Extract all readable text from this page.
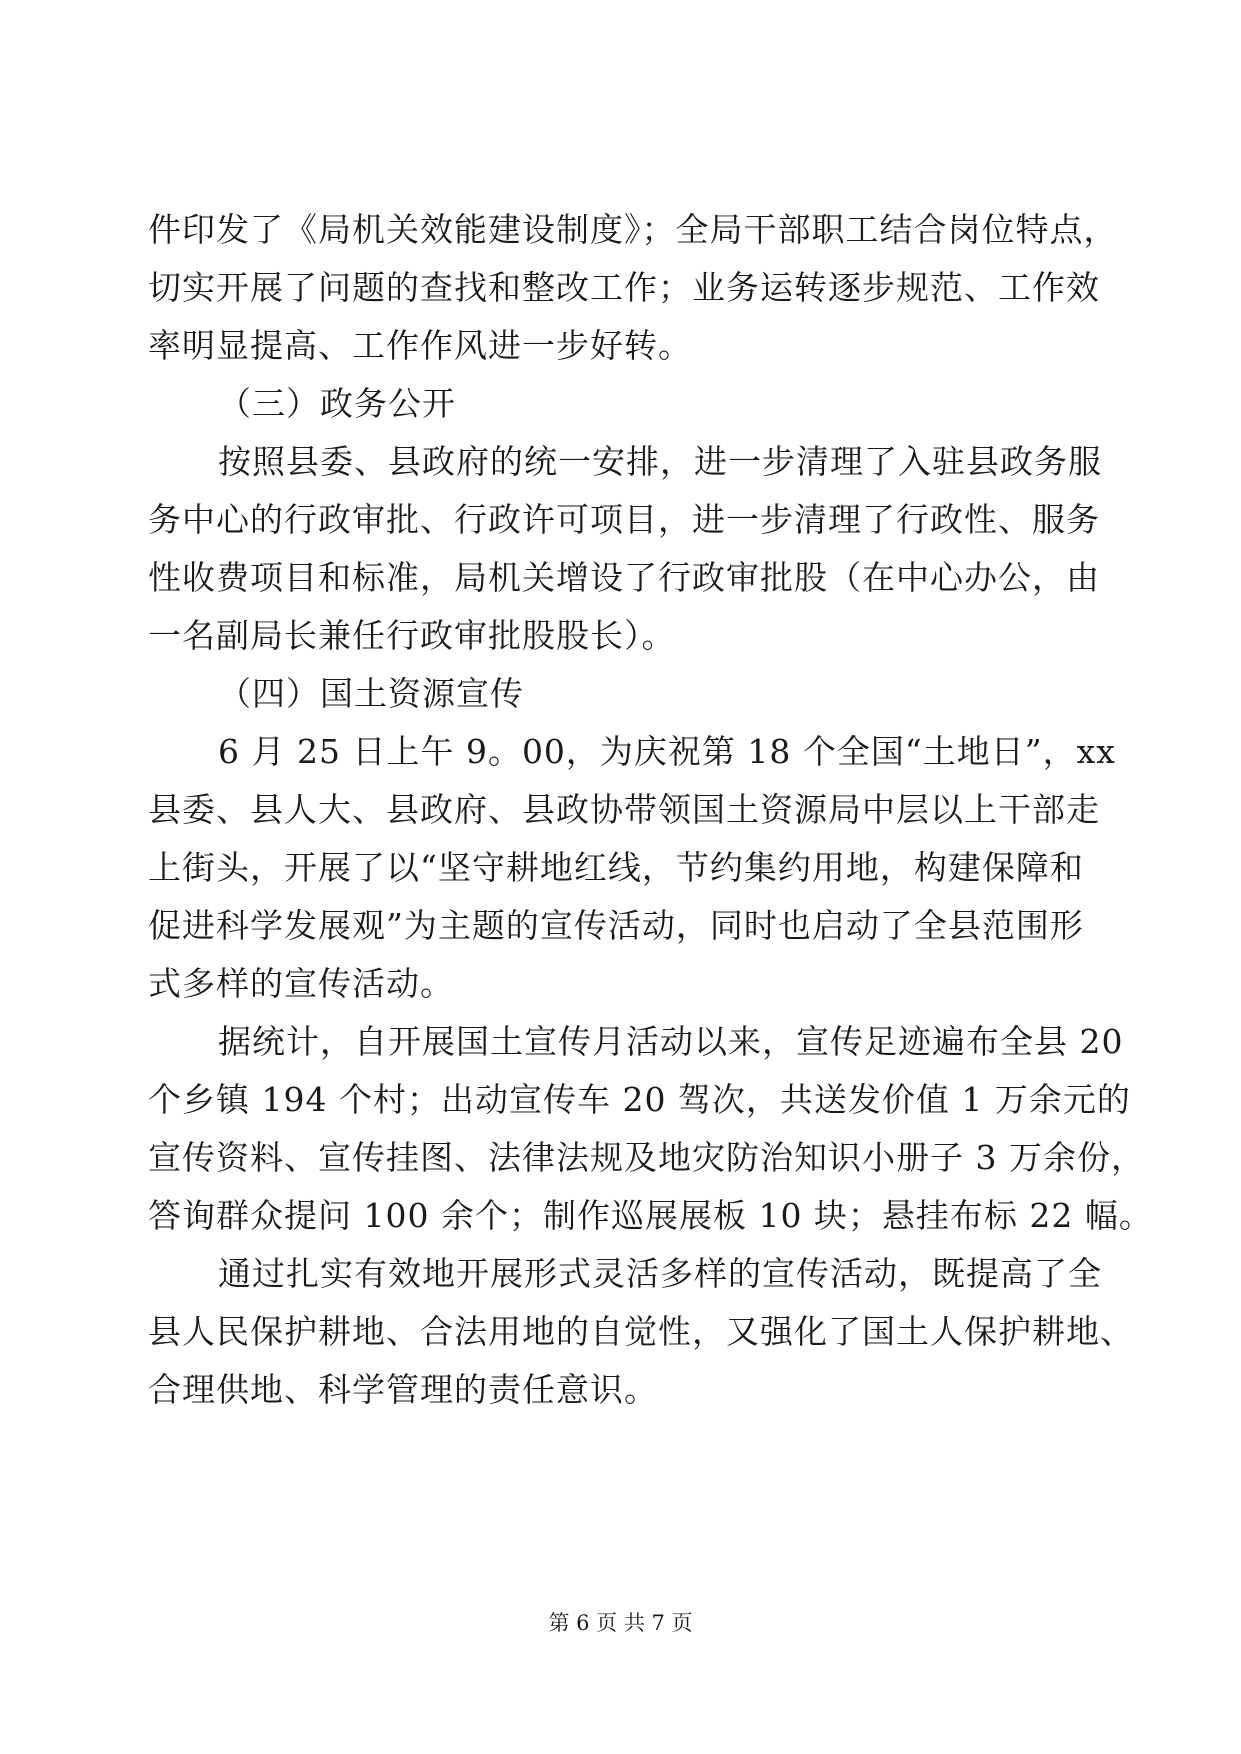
件印发了《局机关效能建设制度》；全局干部职工结合岗位特点，
切实开展了问题的查找和整改工作；业务运转逐步规范、工作效
率明显提高、工作作风进一步好转。
（三）政务公开
按照县委、县政府的统一安排，进一步清理了入驻县政务服
务中心的行政审批、行政许可项目，进一步清理了行政性、服务
性收费项目和标准，局机关增设了行政审批股（在中心办公，由
一名副局长兼任行政审批股股长）。
（四）国土资源宣传
6 月 25 日上午 9。00，为庆祝第 18 个全国“土地日”，xx
县委、县人大、县政府、县政协带领国土资源局中层以上干部走
上街头，开展了以“坚守耕地红线，节约集约用地，构建保障和
促进科学发展观”为主题的宣传活动，同时也启动了全县范围形
式多样的宣传活动。
据统计，自开展国土宣传月活动以来，宣传足迹遍布全县 20
个乡镇 194 个村；出动宣传车 20 驾次，共送发价值 1 万余元的
宣传资料、宣传挂图、法律法规及地灾防治知识小册子 3 万余份，
答询群众提问 100 余个；制作巡展展板 10 块；悬挂布标 22 幅。
通过扎实有效地开展形式灵活多样的宣传活动，既提高了全
县人民保护耕地、合法用地的自觉性，又强化了国土人保护耕地、
合理供地、科学管理的责任意识。
第 6 页 共 7 页
